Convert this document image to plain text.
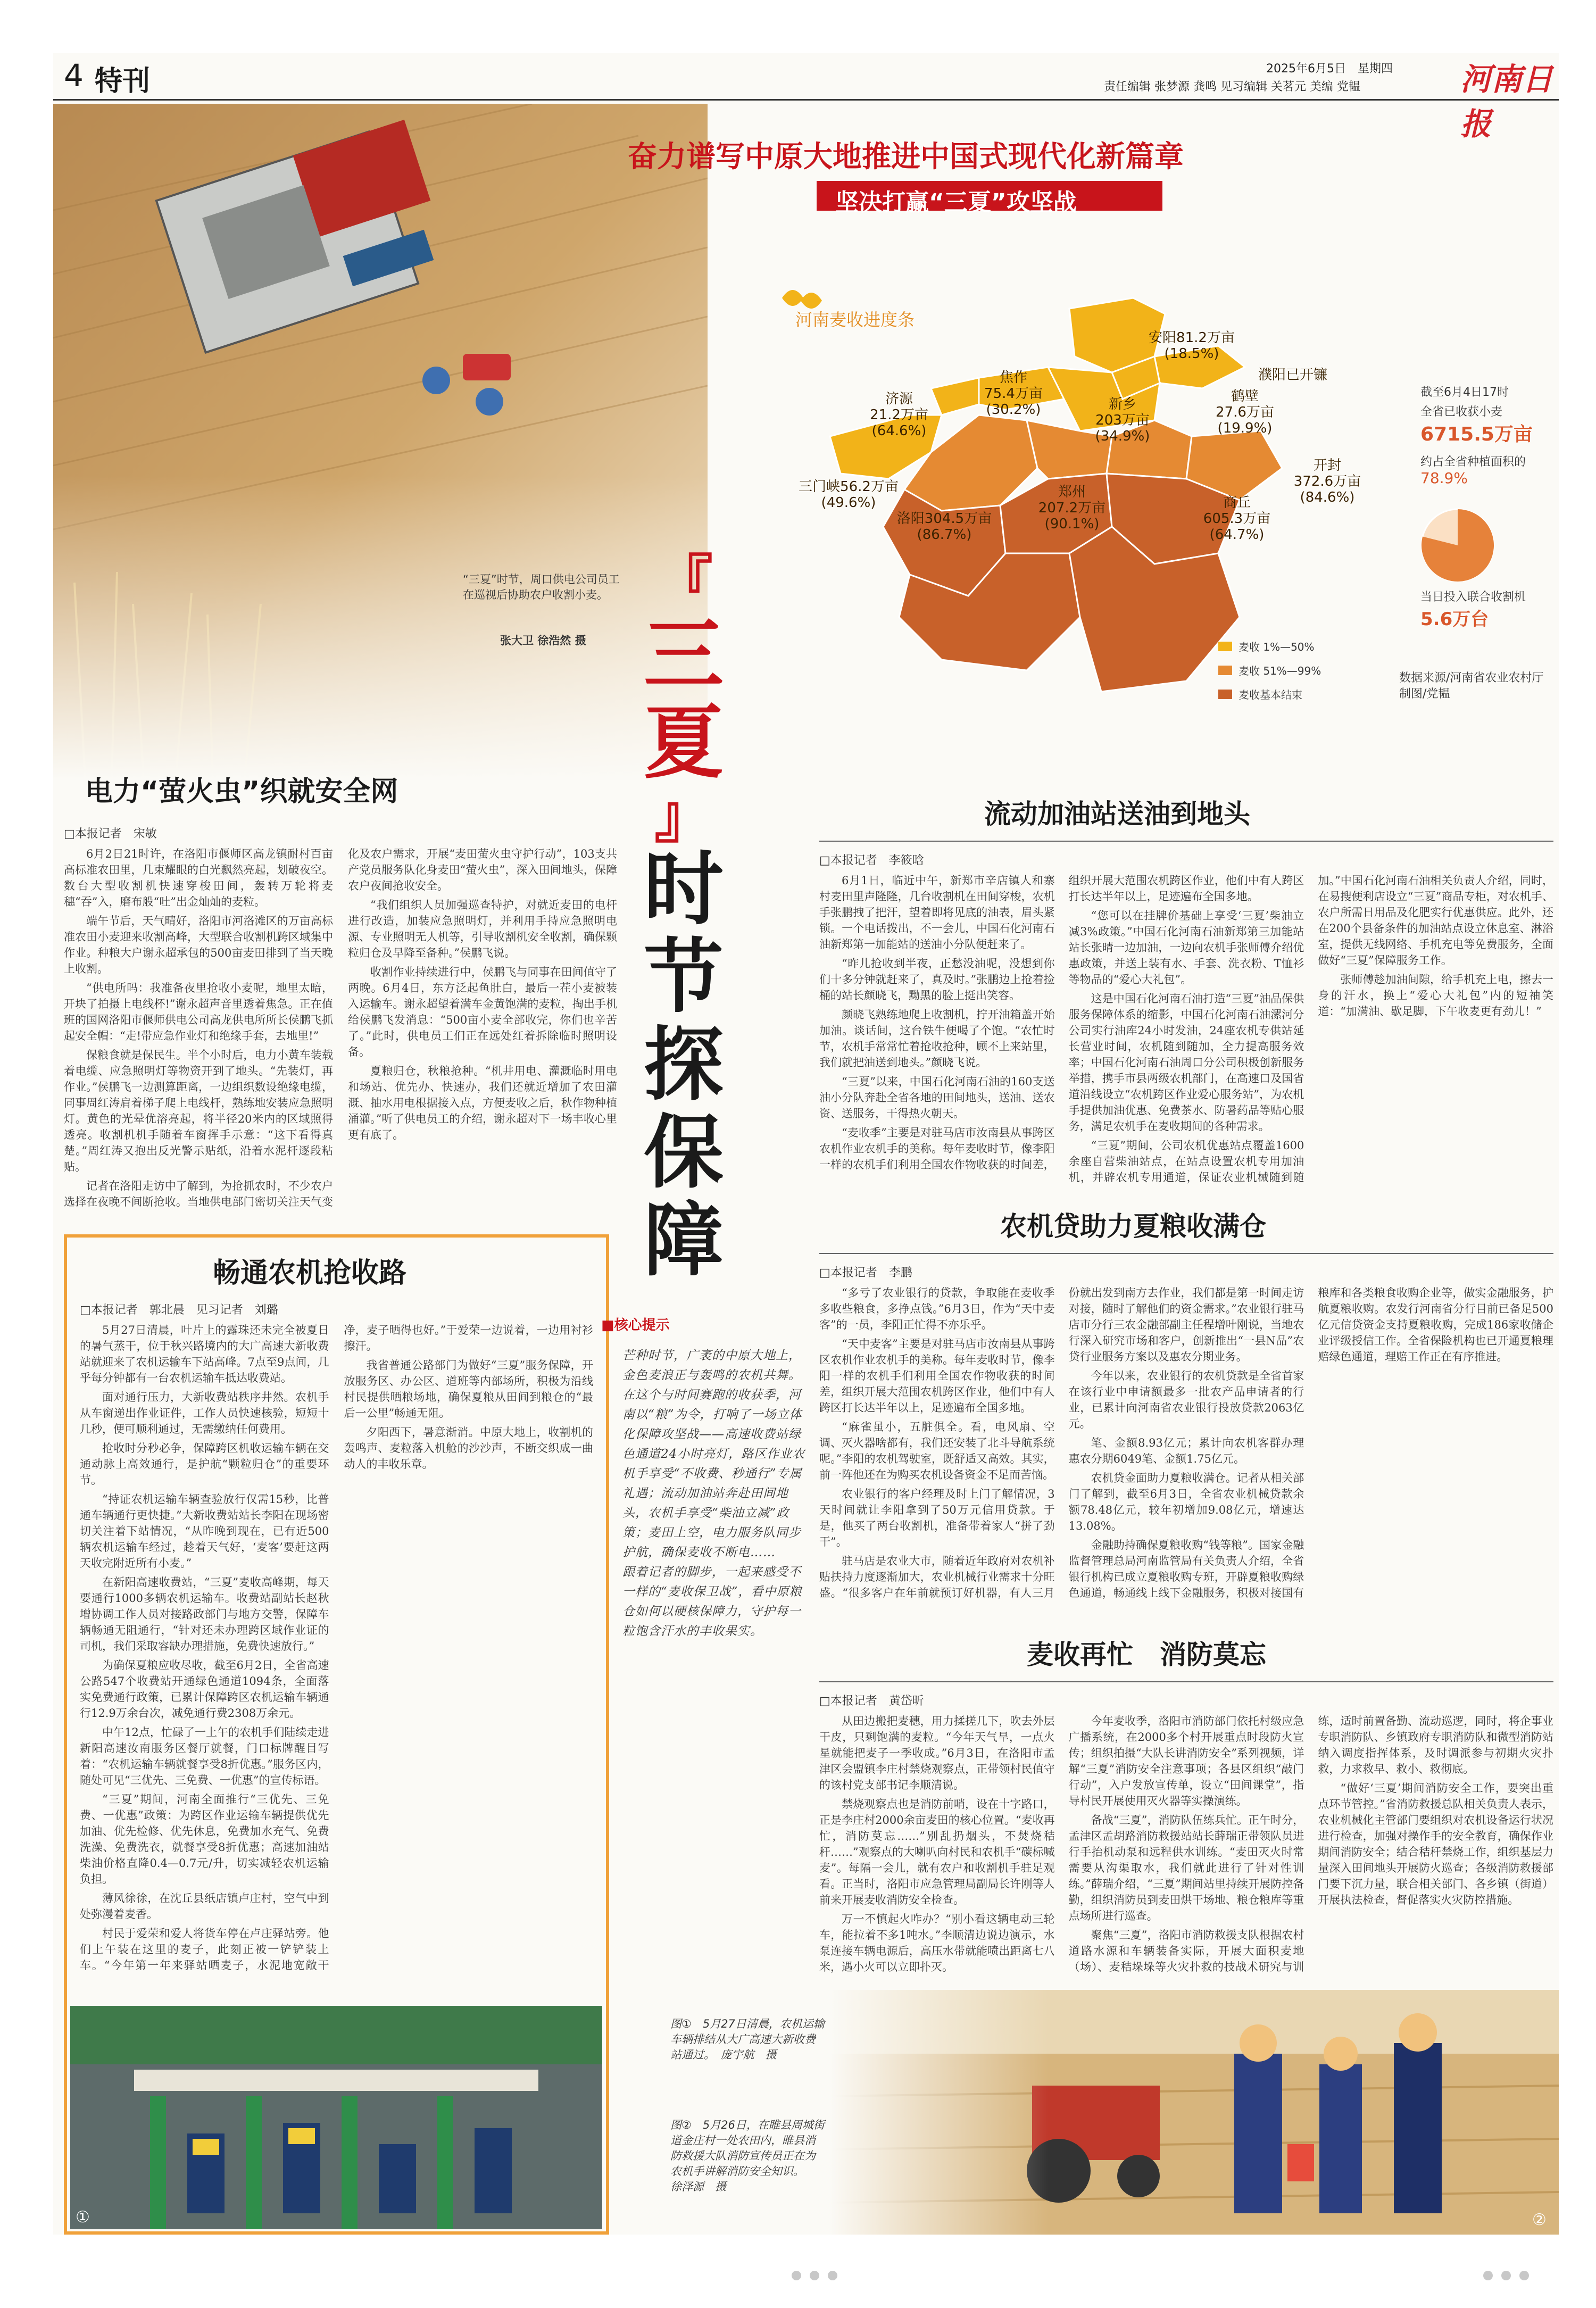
4 特刊	2025年6月5日　星期四
责任编辑 张梦源 龚鸣 见习编辑 关茗元 美编 党韫	河南日报
“三夏”时节，周口供电公司员工在巡视后协助农户收割小麦。
张大卫 徐浩然 摄
奋力谱写中原大地推进中国式现代化新篇章
坚决打赢“三夏”攻坚战
河南麦收进度条
安阳81.2万亩(18.5%)
濮阳已开镰
焦作
75.4万亩
(30.2%)
济源
21.2万亩
(64.6%)
鹤壁
27.6万亩
(19.9%)
新乡
203万亩
(34.9%)
三门峡56.2万亩
(49.6%)
郑州
207.2万亩
(90.1%)
开封
372.6万亩
(84.6%)
洛阳304.5万亩
(86.7%)
商丘
605.3万亩
(64.7%)
麦收 1%—50%
麦收 51%—99%
麦收基本结束
截至6月4日17时
全省已收获小麦
6715.5万亩
约占全省种植面积的
78.9%
当日投入联合收割机
5.6万台
数据来源/河南省农业农村厅
制图/党韫
『
三
夏
』
时
节
探
保
障
电力“萤火虫”织就安全网
□本报记者　宋敏

6月2日21时许，在洛阳市偃师区高龙镇耐村百亩高标准农田里，几束耀眼的白光飘然亮起，划破夜空。数台大型收割机快速穿梭田间，轰转万轮将麦穗“吞”入，磨布般“吐”出金灿灿的麦粒。

端午节后，天气晴好，洛阳市河洛滩区的万亩高标准农田小麦迎来收割高峰，大型联合收割机跨区域集中作业。种粮大户谢永超承包的500亩麦田排到了当天晚上收割。

“供电所吗：我准备夜里抢收小麦呢，地里太暗，开块了拍摄上电线杯!”谢永超声音里透着焦急。正在值班的国网洛阳市偃师供电公司高龙供电所所长侯鹏飞抓起安全帽：“走!带应急作业灯和绝缘手套，去地里!”

保粮食就是保民生。半个小时后，电力小黄车装载着电缆、应急照明灯等物资开到了地头。“先装灯，再作业。”侯鹏飞一边测算距离，一边组织数设绝缘电缆，同事周红涛肩着梯子爬上电线杆，熟练地安装应急照明灯。黄色的光晕优溶亮起，将半径20米内的区域照得透亮。收割机机手随着车窗挥手示意：“这下看得真楚。”周红涛又抱出反光警示贴纸，沿着水泥杆逐段粘贴。

记者在洛阳走访中了解到，为抢抓农时，不少农户选择在夜晚不间断抢收。当地供电部门密切关注天气变化及农户需求，开展“麦田萤火虫守护行动”，103支共产党员服务队化身麦田“萤火虫”，深入田间地头，保障农户夜间抢收安全。

“我们组织人员加强巡查特护，对就近麦田的电杆进行改造，加装应急照明灯，并利用手持应急照明电源、专业照明无人机等，引导收割机安全收割，确保颗粒归仓及早降至备种。”侯鹏飞说。

收割作业持续进行中，侯鹏飞与同事在田间值守了两晚。6月4日，东方泛起鱼肚白，最后一茬小麦被装入运输车。谢永超望着满车金黄饱满的麦粒，掏出手机给侯鹏飞发消息：“500亩小麦全部收完，你们也辛苦了。”此时，供电员工们正在远处红着拆除临时照明设备。

夏粮归仓，秋粮抢种。“机井用电、灌溉临时用电和场站、优先办、快速办，我们还就近增加了农田灌溉、抽水用电根据接入点，方便麦收之后，秋作物种植涌灌。”听了供电员工的介绍，谢永超对下一场丰收心里更有底了。

畅通农机抢收路
□本报记者　郭北晨　见习记者　刘璐

5月27日清晨，叶片上的露珠还未完全被夏日的暑气蒸干，位于秋兴路境内的大广高速大新收费站就迎来了农机运输车下站高峰。7点至9点间，几乎每分钟都有一台农机运输车抵达收费站。

面对通行压力，大新收费站秩序井然。农机手从车窗递出作业证件，工作人员快速核验，短短十几秒，便可顺利通过，无需缴纳任何费用。

抢收时分秒必争，保障跨区机收运输车辆在交通动脉上高效通行，是护航“颗粒归仓”的重要环节。

“持证农机运输车辆查验放行仅需15秒，比普通车辆通行更快捷。”大新收费站站长李阳在现场密切关注着下站情况，“从昨晚到现在，已有近500辆农机运输车经过，趁着天气好，‘麦客’要赶这两天收完附近所有小麦。”

在新阳高速收费站，“三夏”麦收高峰期，每天要通行1000多辆农机运输车。收费站副站长赵秋增协调工作人员对接路政部门与地方交警，保障车辆畅通无阻通行，“针对还未办理跨区域作业证的司机，我们采取容缺办理措施，免费快速放行。”

为确保夏粮应收尽收，截至6月2日，全省高速公路547个收费站开通绿色通道1094条，全面落实免费通行政策，已累计保障跨区农机运输车辆通行12.9万余台次，减免通行费2308万余元。

中午12点，忙碌了一上午的农机手们陆续走进新阳高速汝南服务区餐厅就餐，门口标牌醒目写着：“农机运输车辆就餐享受8折优惠。”服务区内，随处可见“三优先、三免费、一优惠”的宣传标语。

“三夏”期间，河南全面推行“三优先、三免费、一优惠”政策：为跨区作业运输车辆提供优先加油、优先检修、优先休息，免费加水充气、免费洗澡、免费洗衣，就餐享受8折优惠；高速加油站柴油价格直降0.4—0.7元/升，切实减轻农机运输负担。

薄风徐徐，在沈丘县纸店镇卢庄村，空气中到处弥漫着麦香。

村民于爱荣和爱人将货车停在卢庄驿站旁。他们上午装在这里的麦子，此刻正被一铲铲装上车。“今年第一年来驿站晒麦子，水泥地宽敞干净，麦子晒得也好。”于爱荣一边说着，一边用衬衫擦汗。

我省普通公路部门为做好“三夏”服务保障，开放服务区、办公区、道班等内部场所，积极为沿线村民提供晒粮场地，确保夏粮从田间到粮仓的“最后一公里”畅通无阻。

夕阳西下，暑意渐消。中原大地上，收割机的轰鸣声、麦粒落入机舱的沙沙声，不断交织成一曲动人的丰收乐章。

①
流动加油站送油到地头
□本报记者　李筱晗

6月1日，临近中午，新郑市辛店镇人和寨村麦田里声隆隆，几台收割机在田间穿梭，农机手张鹏拽了把汗，望着即将见底的油表，眉头紧锁。一个电话拨出，不一会儿，中国石化河南石油新郑第一加能站的送油小分队便赶来了。

“昨儿抢收到半夜，正愁没油呢，没想到你们十多分钟就赶来了，真及时。”张鹏边上抢着捡桶的站长颜晓飞，黝黑的脸上挺出笑容。

颜晓飞熟练地爬上收割机，拧开油箱盖开始加油。谈话间，这台铁牛便喝了个饱。“农忙时节，农机手常常忙着抢收抢种，顾不上来站里，我们就把油送到地头。”颜晓飞说。

“三夏”以来，中国石化河南石油的160支送油小分队奔赴全省各地的田间地头，送油、送农资、送服务，干得热火朝天。

“麦收季”主要是对驻马店市汝南县从事跨区农机作业农机手的美称。每年麦收时节，像李阳一样的农机手们利用全国农作物收获的时间差，组织开展大范围农机跨区作业，他们中有人跨区打长达半年以上，足迹遍布全国多地。

“您可以在挂牌价基础上享受‘三夏’柴油立减3%政策。”中国石化河南石油新郑第三加能站站长张晴一边加油，一边向农机手张师傅介绍优惠政策，并送上装有水、手套、洗衣粉、T恤衫等物品的“爱心大礼包”。

这是中国石化河南石油打造“三夏”油品保供服务保障体系的缩影，中国石化河南石油漯河分公司实行油库24小时发油，24座农机专供站延长营业时间，农机随到随加，全力提高服务效率；中国石化河南石油周口分公司积极创新服务举措，携手市县两级农机部门，在高速口及国省道沿线设立“农机跨区作业爱心服务站”，为农机手提供加油优惠、免费茶水、防暑药品等贴心服务，满足农机手在麦收期间的各种需求。

“三夏”期间，公司农机优惠站点覆盖1600余座自营柴油站点，在站点设置农机专用加油机，并辟农机专用通道，保证农业机械随到随加。”中国石化河南石油相关负责人介绍，同时，在易搜便利店设立“三夏”商品专柜，对农机手、农户所需日用品及化肥实行优惠供应。此外，还在200个县备条件的加油站点设立休息室、淋浴室，提供无线网络、手机充电等免费服务，全面做好“三夏”保障服务工作。

张师傅趁加油间隙，给手机充上电，擦去一身的汗水，换上“爱心大礼包”内的短袖笑道：“加满油、歇足脚，下午收麦更有劲儿！”

农机贷助力夏粮收满仓
□本报记者　李鹏

“多亏了农业银行的贷款，争取能在麦收季多收些粮食，多挣点钱。”6月3日，作为“天中麦客”的一员，李阳正忙得不亦乐乎。

“天中麦客”主要是对驻马店市汝南县从事跨区农机作业农机手的美称。每年麦收时节，像李阳一样的农机手们利用全国农作物收获的时间差，组织开展大范围农机跨区作业，他们中有人跨区打长达半年以上，足迹遍布全国多地。

“麻雀虽小，五脏俱全。看，电风扇、空调、灭火器啥都有，我们还安装了北斗导航系统呢。”李阳的农机驾驶室，既舒适又高效。其实，前一阵他还在为购买农机设备资金不足而苦恼。

农业银行的客户经理及时上门了解情况，3天时间就让李阳拿到了50万元信用贷款。于是，他买了两台收割机，准备带着家人“拼了劲干”。

驻马店是农业大市，随着近年政府对农机补贴扶持力度逐渐加大，农业机械行业需求十分旺盛。“很多客户在年前就预订好机器，有人三月份就出发到南方去作业，我们都是第一时间走访对接，随时了解他们的资金需求。”农业银行驻马店市分行三农金融部副主任程增叶刚说，当地农行深入研究市场和客户，创新推出“一县N品”农贷行业服务方案以及惠农分期业务。

今年以来，农业银行的农机贷款是全省首家在该行业中申请额最多一批农产品申请者的行业，已累计向河南省农业银行投放贷款2063亿元。

笔、金额8.93亿元；累计向农机客群办理惠农分期6049笔、金额1.75亿元。

农机贷金面助力夏粮收满仓。记者从相关部门了解到，截至6月3日，全省农业机械贷款余额78.48亿元，较年初增加9.08亿元，增速达13.08%。

金融助持确保夏粮收购“钱等粮”。国家金融监督管理总局河南监管局有关负责人介绍，全省银行机构已成立夏粮收购专班，开辟夏粮收购绿色通道，畅通线上线下金融服务，积极对接国有粮库和各类粮食收购企业等，做实金融服务，护航夏粮收购。农发行河南省分行目前已备足500亿元信贷资金支持夏粮收购，完成186家收储企业评级授信工作。全省保险机构也已开通夏粮理赔绿色通道，理赔工作正在有序推进。

■核心提示
芒种时节，广袤的中原大地上，金色麦浪正与轰鸣的农机共舞。
在这个与时间赛跑的收获季，河南以“粮”为令，打响了一场立体化保障攻坚战——高速收费站绿色通道24小时亮灯，路区作业农机手享受“不收费、秒通行”专属礼遇；流动加油站奔赴田间地头，农机手享受“柴油立减”政策；麦田上空，电力服务队同步护航，确保麦收不断电……
跟着记者的脚步，一起来感受不一样的“麦收保卫战”，看中原粮仓如何以硬核保障力，守护每一粒饱含汗水的丰收果实。
麦收再忙　消防莫忘
□本报记者　黄岱昕

从田边搬把麦穗，用力揉搓几下，吹去外层干皮，只剩饱满的麦粒。“今年天气旱，一点火星就能把麦子一季收成。”6月3日，在洛阳市孟津区会盟镇李庄村禁烧观察点，正带领村民值守的该村党支部书记李顺清说。

禁烧观察点也是消防前哨，设在十字路口，正是李庄村2000余亩麦田的核心位置。“麦收再忙，消防莫忘……”别乱扔烟头，不焚烧秸秆……”观察点的大喇叭向村民和农机手“碳标喊麦”。每隔一会儿，就有农户和收割机手驻足观看。正当时，洛阳市应急管理局副局长许刚等人前来开展麦收消防安全检查。

万一不慎起火咋办？“别小看这辆电动三轮车，能拉着不多1吨水。”李顺清边说边演示，水泵连接车辆电源后，高压水带就能喷出距离七八米，遇小火可以立即扑灭。

今年麦收季，洛阳市消防部门依托村级应急广播系统，在2000多个村开展重点时段防火宣传；组织拍摄“大队长讲消防安全”系列视频，详解“三夏”消防安全注意事项；各县区组织“敲门行动”，入户发放宣传单，设立“田间课堂”，指导村民开展使用灭火器等实操演练。

备战“三夏”，消防队伍练兵忙。正午时分，孟津区孟胡路消防救援站站长薛瑞正带领队员进行手抬机动泵和远程供水训练。“麦田灭火时常需要从沟渠取水，我们就此进行了针对性训练。”薛瑞介绍，“三夏”期间站里持续开展防控备勤，组织消防员到麦田烘干场地、粮仓粮库等重点场所进行巡查。

聚焦“三夏”，洛阳市消防救援支队根据农村道路水源和车辆装备实际，开展大面积麦地（场）、麦秸垛垛等火灾扑救的技战术研究与训练，适时前置备勤、流动巡逻，同时，将企事业专职消防队、乡镇政府专职消防队和微型消防站纳入调度指挥体系，及时调派参与初期火灾扑救，力求救早、救小、救彻底。

“做好‘三夏’期间消防安全工作，要突出重点环节管控。”省消防救援总队相关负责人表示，农业机械化主管部门要组织对农机设备运行状况进行检查，加强对操作手的安全教育，确保作业期间消防安全；结合秸秆禁烧工作，组织基层力量深入田间地头开展防火巡查；各级消防救援部门要下沉力量，联合相关部门、各乡镇（街道）开展执法检查，督促落实火灾防控措施。

图①　5月27日清晨，农机运输车辆排结从大广高速大新收费站通过。　庞宇航　摄
图②　5月26日，在睢县周城街道金庄村一处农田内，睢县消防救援大队消防宣传员正在为农机手讲解消防安全知识。
徐泽源　摄
②
